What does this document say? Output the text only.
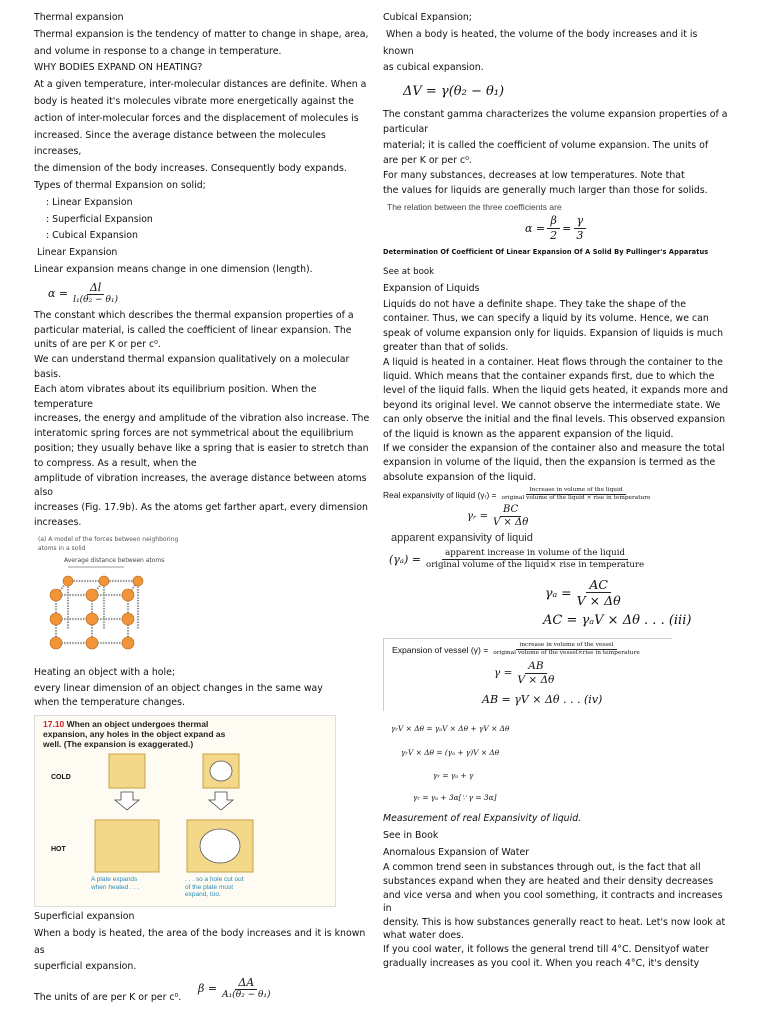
Thermal expansion

Thermal expansion is the tendency of matter to change in shape, area,
and volume in response to a change in temperature.

WHY BODIES EXPAND ON HEATING?

At a given temperature, inter-molecular distances are definite. When a
body is heated it's molecules vibrate more energetically against the
action of inter-molecular forces and the displacement of molecules is
increased. Since the average distance between the molecules increases,
the dimension of the body increases. Consequently body expands.

Types of thermal Expansion on solid;

: Linear Expansion

: Superficial Expansion

: Cubical Expansion

Linear Expansion

Linear expansion means change in one dimension (length).

$\alpha = \frac{\Delta l}{\text{l₁(θ₂ − θ₁)}}$

The constant which describes the thermal expansion properties of a
particular material, is called the coefficient of linear expansion. The
units of are per K or per c⁰.

We can understand thermal expansion qualitatively on a molecular basis.
Each atom vibrates about its equilibrium position. When the temperature
increases, the energy and amplitude of the vibration also increase. The
interatomic spring forces are not symmetrical about the equilibrium
position; they usually behave like a spring that is easier to stretch than
to compress. As a result, when the
amplitude of vibration increases, the average distance between atoms
also
increases (Fig. 17.9b). As the atoms get farther apart, every dimension
increases.

(a) A model of the forces between neighboring
atoms in a solid
Average distance between atoms

Heating an object with a hole;

every linear dimension of an object changes in the same way
when the temperature changes.

17.10 When an object undergoes thermal
expansion, any holes in the object expand as
well. (The expansion is exaggerated.)
COLD
HOT
A plate expands
when heated . . .
. . . so a hole cut out
of the plate must
expand, too.

Superficial expansion

When a body is heated, the area of the body increases and it is known as
superficial expansion.

The units of are per K or per c⁰.

$\beta = \frac{\Delta A}{\text{A₁(θ₂ − θ₁)}}$

Cubical Expansion;

When a body is heated, the volume of the body increases and it is known
as cubical expansion.

ΔV = γ(θ₂ − θ₁)

The constant gamma characterizes the volume expansion properties of a
particular
material; it is called the coefficient of volume expansion. The units of
are per K or per c⁰.
For many substances, decreases at low temperatures. Note that
the values for liquids are generally much larger than those for solids.

The relation between the three coefficients are
$\alpha = \frac{\beta}{2} = \frac{\gamma}{3}$

Determination Of Coefficient Of Linear Expansion Of A Solid By Pullinger's Apparatus

See at book

Expansion of Liquids

Liquids do not have a definite shape. They take the shape of the
container. Thus, we can specify a liquid by its volume. Hence, we can
speak of volume expansion only for liquids. Expansion of liquids is much
greater than that of solids.
A liquid is heated in a container. Heat flows through the container to the
liquid. Which means that the container expands first, due to which the
level of the liquid falls. When the liquid gets heated, it expands more and
beyond its original level. We cannot observe the intermediate state. We
can only observe the initial and the final levels. This observed expansion
of the liquid is known as the apparent expansion of the liquid.
If we consider the expansion of the container also and measure the total
expansion in volume of the liquid, then the expansion is termed as the
absolute expansion of the liquid.

Real expansivity of liquid (γᵣ) = $\frac{\text{Increase in volume of the liquid}}{\text{original volume of the liquid × rise in temperature}}$
γᵣ = $\frac{BC}{V \times \Delta\theta}$
apparent expansivity of liquid
$(\gamma_a) = \frac{\text{apparent increase in volume of the liquid}}{\text{original volume of the liquid× rise in temperature}}$
$\gamma_a = \frac{AC}{V \times \Delta\theta}$
AC = γₐV × Δθ . . . (iii)
Expansion of vessel $(\gamma) = \frac{\text{increase in volume of the vessel}}{\text{original volume of the vessel×rise in temperature}}$
$\gamma = \frac{AB}{V \times \Delta\theta}$
AB = γV × Δθ . . . (iv)
γᵣV × Δθ = γₐV × Δθ + γV × Δθ
γᵣV × Δθ = (γₐ + γ)V × Δθ
γᵣ = γₐ + γ
γᵣ = γₐ + 3α[∵ γ = 3α]

Measurement of real Expansivity of liquid.

See in Book

Anomalous Expansion of Water

A common trend seen in substances through out, is the fact that all
substances expand when they are heated and their density decreases
and vice versa and when you cool something, it contracts and increases in
density. This is how substances generally react to heat. Let's now look at
what water does.
If you cool water, it follows the general trend till 4°C. Densityof water
gradually increases as you cool it. When you reach 4°C, it's density
